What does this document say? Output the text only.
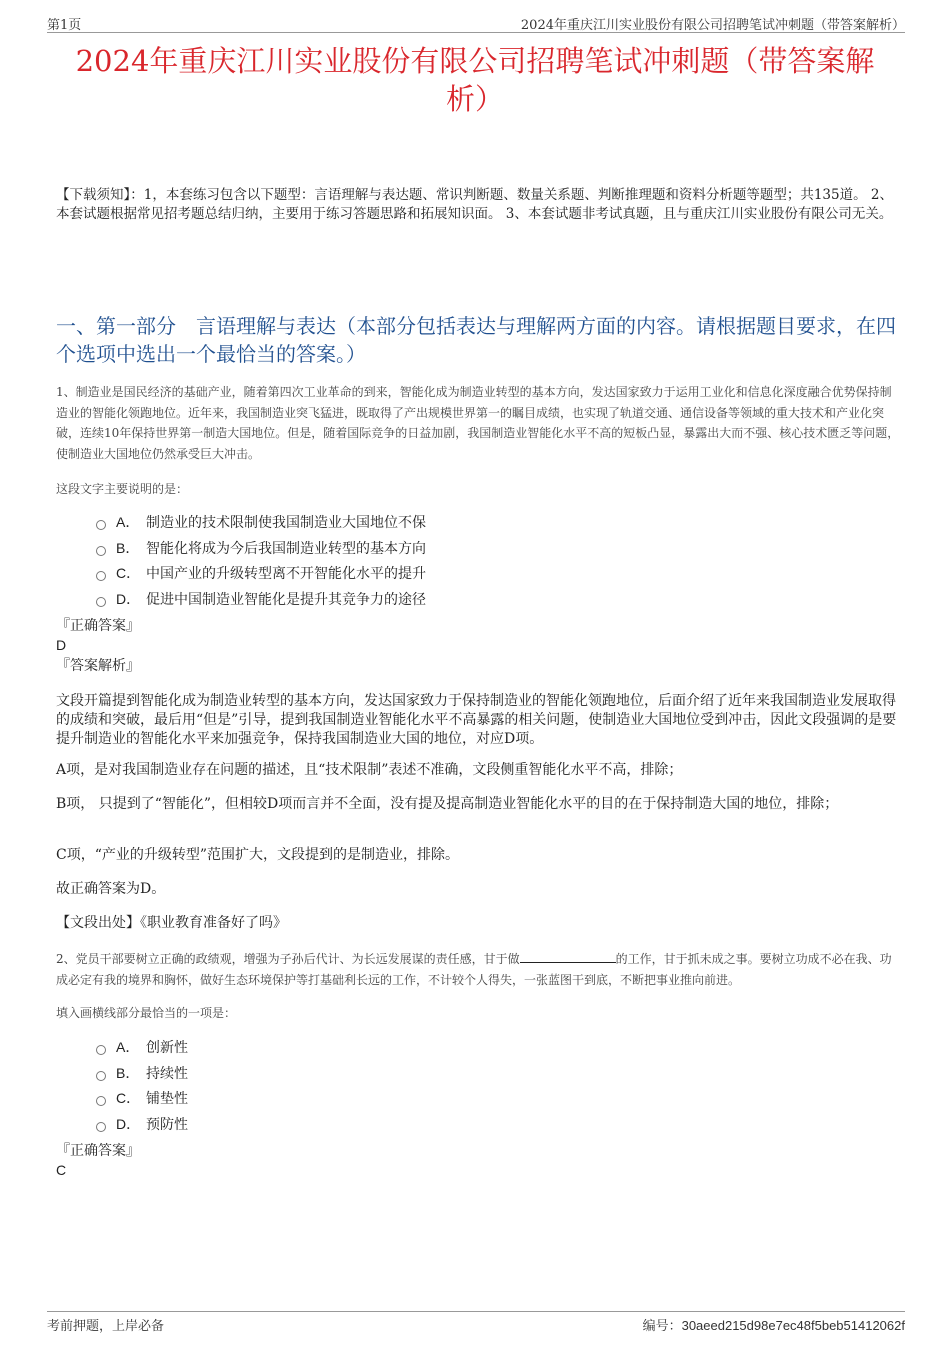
第1页	2024年重庆江川实业股份有限公司招聘笔试冲刺题（带答案解析）
2024年重庆江川实业股份有限公司招聘笔试冲刺题（带答案解析）
【下载须知】：1，本套练习包含以下题型：言语理解与表达题、常识判断题、数量关系题、判断推理题和资料分析题等题型；共135道。 2、本套试题根据常见招考题总结归纳，主要用于练习答题思路和拓展知识面。 3、本套试题非考试真题，且与重庆江川实业股份有限公司无关。
一、第一部分　言语理解与表达（本部分包括表达与理解两方面的内容。请根据题目要求，在四个选项中选出一个最恰当的答案。）
1、制造业是国民经济的基础产业，随着第四次工业革命的到来，智能化成为制造业转型的基本方向，发达国家致力于运用工业化和信息化深度融合优势保持制造业的智能化领跑地位。近年来，我国制造业突飞猛进，既取得了产出规模世界第一的瞩目成绩，也实现了轨道交通、通信设备等领域的重大技术和产业化突破，连续10年保持世界第一制造大国地位。但是，随着国际竞争的日益加剧，我国制造业智能化水平不高的短板凸显，暴露出大而不强、核心技术匮乏等问题，使制造业大国地位仍然承受巨大冲击。
这段文字主要说明的是：
A． 制造业的技术限制使我国制造业大国地位不保
B． 智能化将成为今后我国制造业转型的基本方向
C． 中国产业的升级转型离不开智能化水平的提升
D． 促进中国制造业智能化是提升其竞争力的途径
『正确答案』
D
『答案解析』
文段开篇提到智能化成为制造业转型的基本方向，发达国家致力于保持制造业的智能化领跑地位，后面介绍了近年来我国制造业发展取得的成绩和突破，最后用“但是”引导，提到我国制造业智能化水平不高暴露的相关问题，使制造业大国地位受到冲击，因此文段强调的是要提升制造业的智能化水平来加强竞争，保持我国制造业大国的地位，对应D项。
A项，是对我国制造业存在问题的描述，且“技术限制”表述不准确，文段侧重智能化水平不高，排除；
B项， 只提到了“智能化”，但相较D项而言并不全面，没有提及提高制造业智能化水平的目的在于保持制造大国的地位，排除；
C项，“产业的升级转型”范围扩大，文段提到的是制造业，排除。
故正确答案为D。
【文段出处】《职业教育准备好了吗》
2、党员干部要树立正确的政绩观，增强为子孙后代计、为长远发展谋的责任感，甘于做	的工作，甘于抓未成之事。要树立功成不必在我、功成必定有我的境界和胸怀，做好生态环境保护等打基础利长远的工作，不计较个人得失，一张蓝图干到底，不断把事业推向前进。
填入画横线部分最恰当的一项是：
A． 创新性
B． 持续性
C． 铺垫性
D． 预防性
『正确答案』
C
考前押题，上岸必备	编号：30aeed215d98e7ec48f5beb51412062f
